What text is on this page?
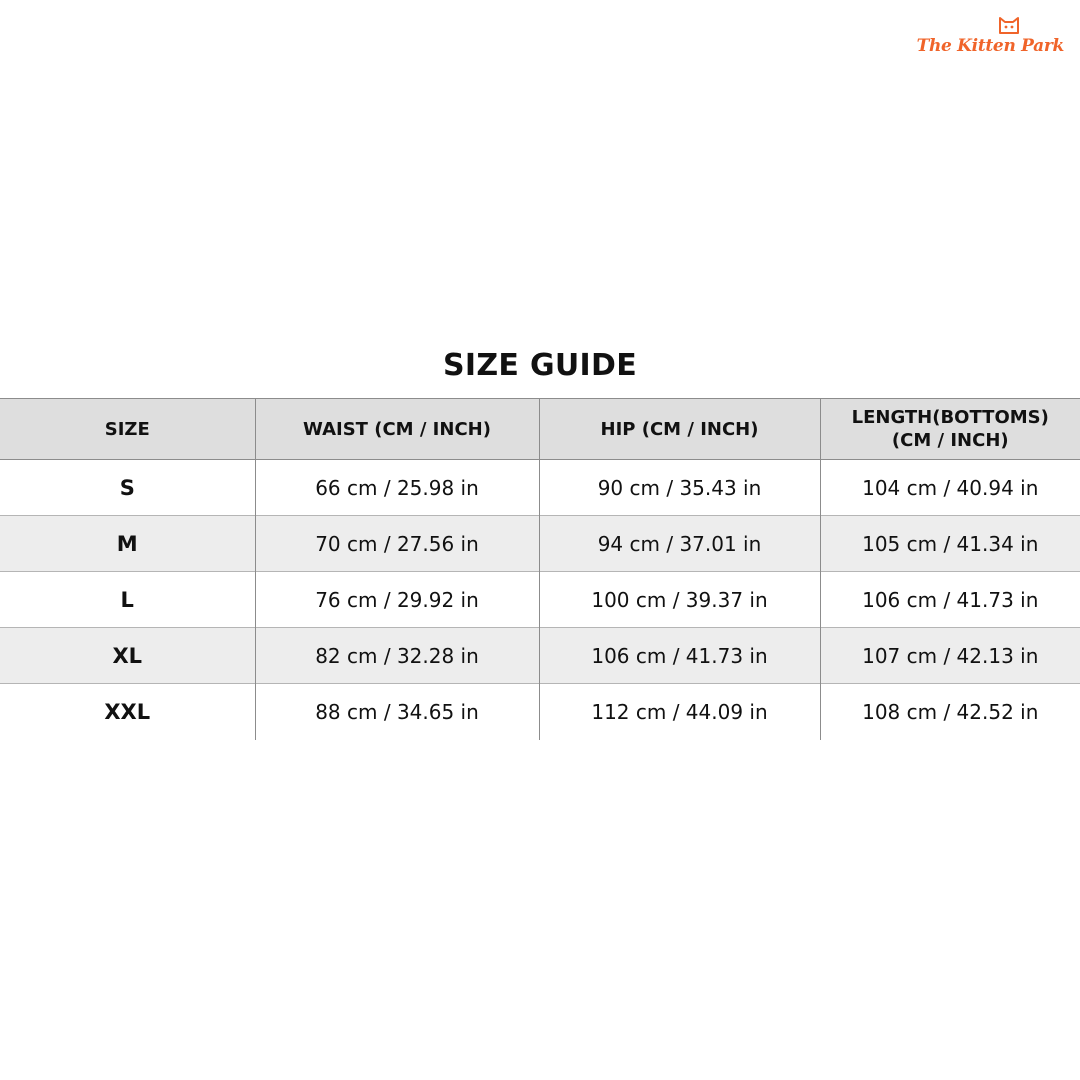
The Kitten Park
SIZE GUIDE
SIZE	WAIST (CM / INCH)	HIP (CM / INCH)	LENGTH(BOTTOMS)
(CM / INCH)
S	66 cm / 25.98 in	90 cm / 35.43 in	104 cm / 40.94 in
M	70 cm / 27.56 in	94 cm / 37.01 in	105 cm / 41.34 in
L	76 cm / 29.92 in	100 cm / 39.37 in	106 cm / 41.73 in
XL	82 cm / 32.28 in	106 cm / 41.73 in	107 cm / 42.13 in
XXL	88 cm / 34.65 in	112 cm / 44.09 in	108 cm / 42.52 in
